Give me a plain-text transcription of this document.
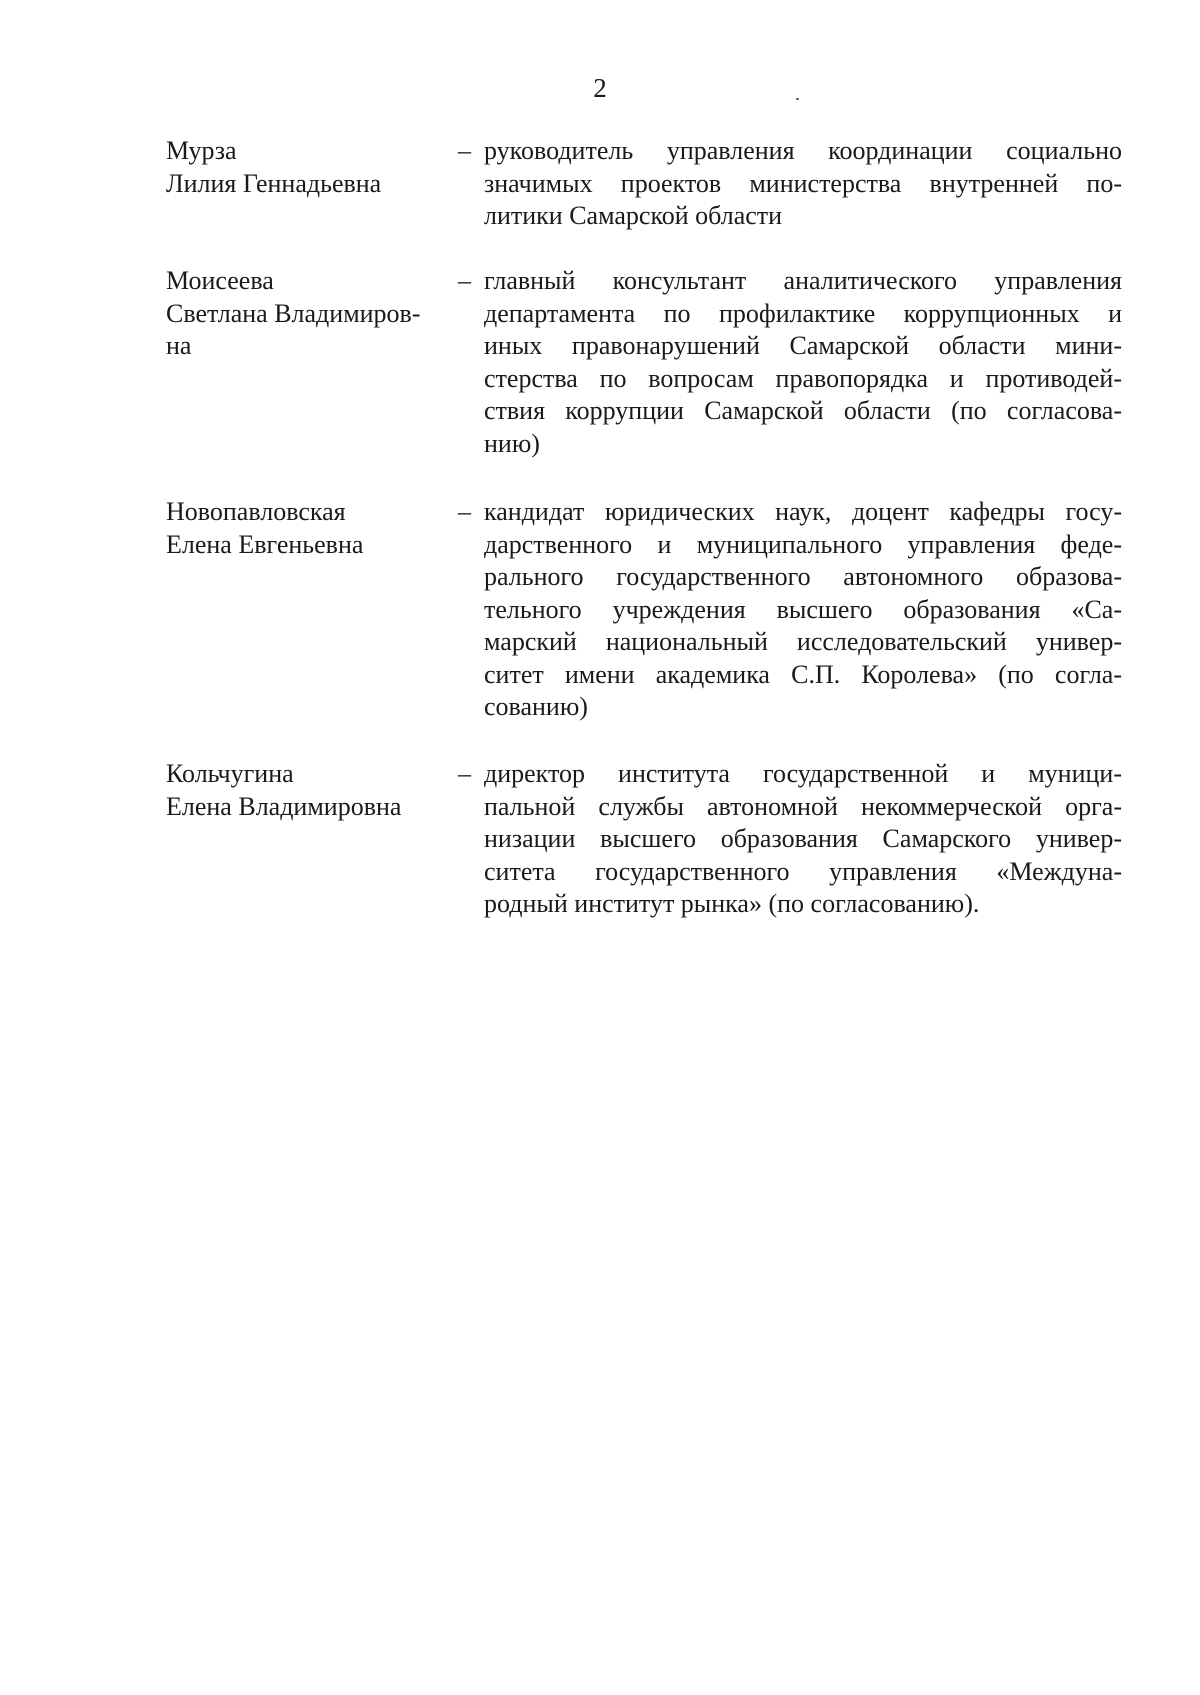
2
Мурза
Лилия Геннадьевна
– руководитель управления координации социально
значимых проектов министерства внутренней по-
литики Самарской области
Моисеева
Светлана Владимиров-
на
– главный консультант аналитического управления
департамента по профилактике коррупционных и
иных правонарушений Самарской области мини-
стерства по вопросам правопорядка и противодей-
ствия коррупции Самарской области (по согласова-
нию)
Новопавловская
Елена Евгеньевна
– кандидат юридических наук, доцент кафедры госу-
дарственного и муниципального управления феде-
рального государственного автономного образова-
тельного учреждения высшего образования «Са-
марский национальный исследовательский универ-
ситет имени академика С.П. Королева» (по согла-
сованию)
Кольчугина
Елена Владимировна
– директор института государственной и муници-
пальной службы автономной некоммерческой орга-
низации высшего образования Самарского универ-
ситета государственного управления «Междуна-
родный институт рынка» (по согласованию).
